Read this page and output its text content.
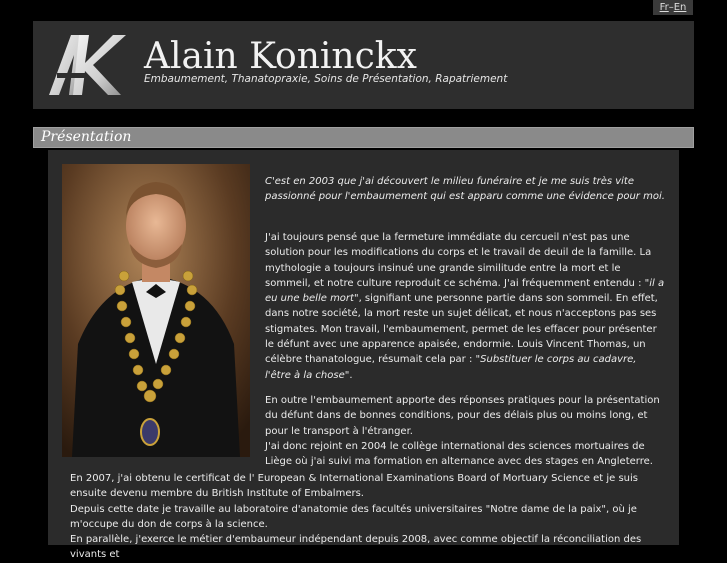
Fr–En
Alain Koninckx
Embaumement, Thanatopraxie, Soins de Présentation, Rapatriement
Présentation

C'est en 2003 que j'ai découvert le milieu funéraire et je me suis très vite passionné pour l'embaumement qui est apparu comme une évidence pour moi.

J'ai toujours pensé que la fermeture immédiate du cercueil n'est pas une solution pour les modifications du corps et le travail de deuil de la famille. La mythologie a toujours insinué une grande similitude entre la mort et le sommeil, et notre culture reproduit ce schéma. J'ai fréquemment entendu : "il a eu une belle mort", signifiant une personne partie dans son sommeil. En effet, dans notre société, la mort reste un sujet délicat, et nous n'acceptons pas ses stigmates. Mon travail, l'embaumement, permet de les effacer pour présenter le défunt avec une apparence apaisée, endormie. Louis Vincent Thomas, un célèbre thanatologue, résumait cela par : "Substituer le corps au cadavre, l'être à la chose".

En outre l'embaumement apporte des réponses pratiques pour la présentation du défunt dans de bonnes conditions, pour des délais plus ou moins long, et pour le transport à l'étranger.
J'ai donc rejoint en 2004 le collège international des sciences mortuaires de Liège où j'ai suivi ma formation en alternance avec des stages en Angleterre.

En 2007, j'ai obtenu le certificat de l' European & International Examinations Board of Mortuary Science et je suis ensuite devenu membre du British Institute of Embalmers.
Depuis cette date je travaille au laboratoire d'anatomie des facultés universitaires "Notre dame de la paix", où je m'occupe du don de corps à la science.
En parallèle, j'exerce le métier d'embaumeur indépendant depuis 2008, avec comme objectif la réconciliation des vivants et
